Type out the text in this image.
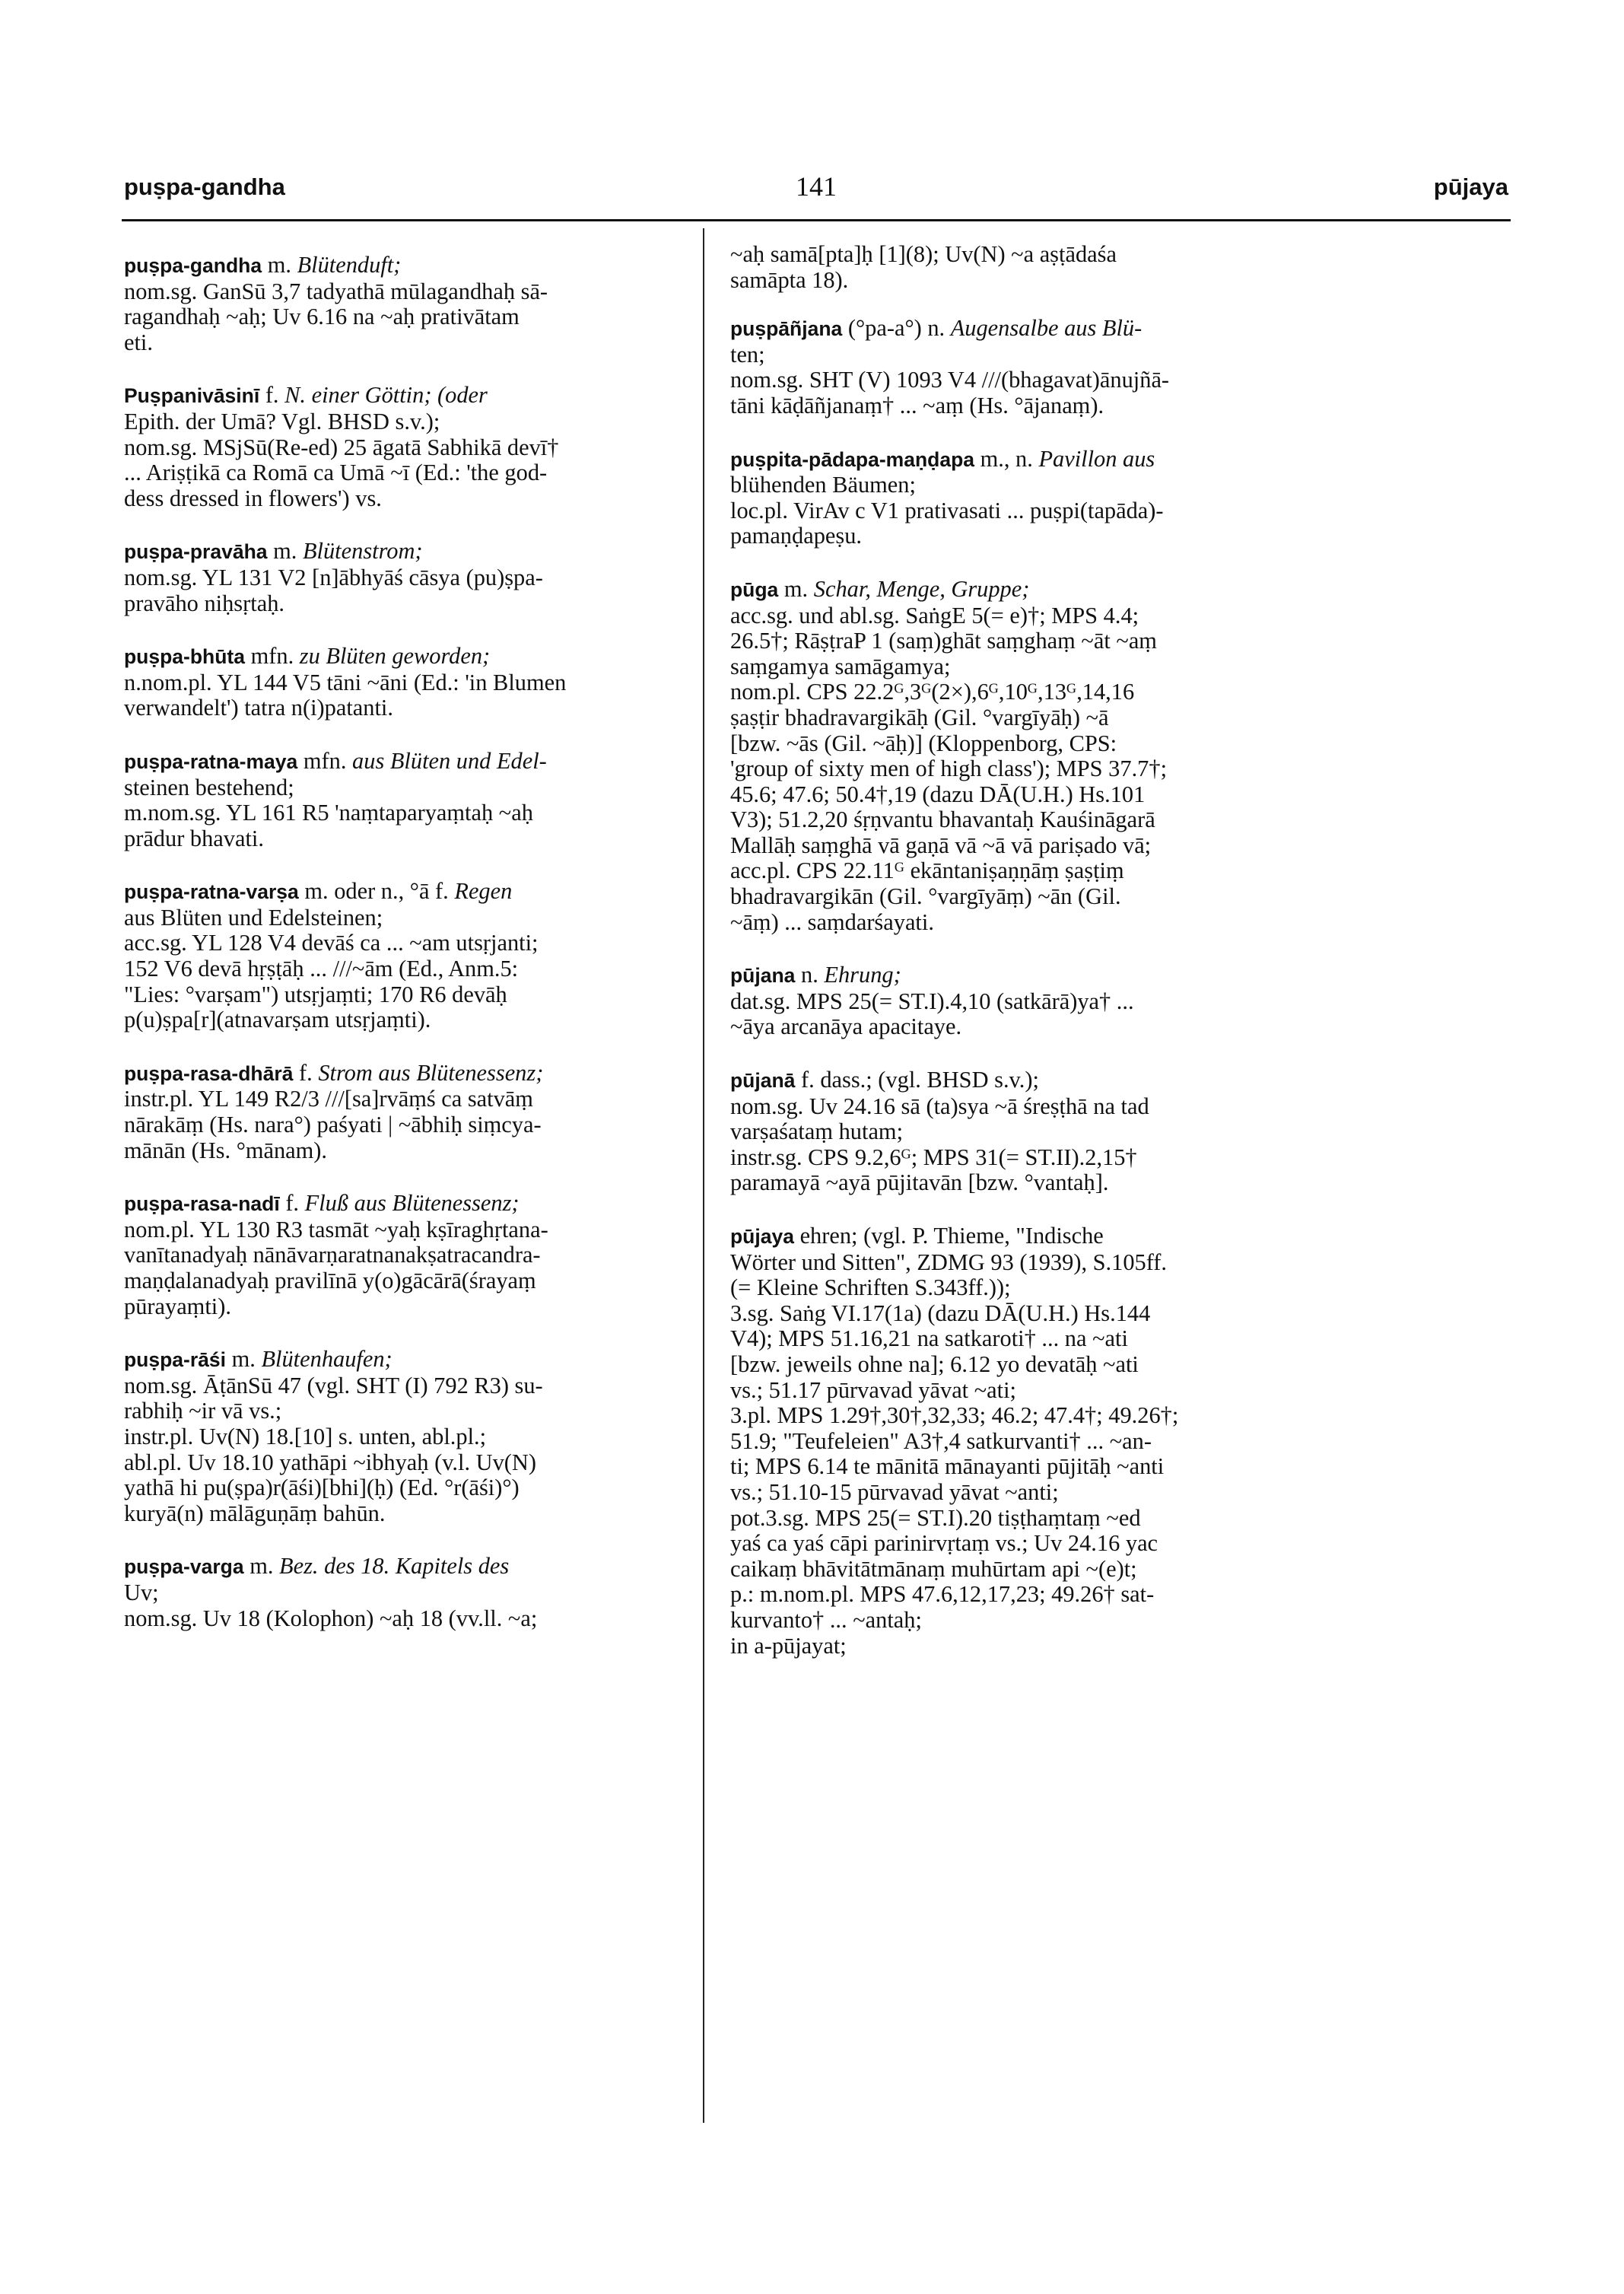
141
puṣpa-gandha	pūjaya
puṣpa-gandha m. Blütenduft;
nom.sg. GanSū 3,7 tadyathā mūlagandhaḥ sā-
ragandhaḥ ~aḥ; Uv 6.16 na ~aḥ prativātam
eti.
Puṣpanivāsinī f. N. einer Göttin; (oder
Epith. der Umā? Vgl. BHSD s.v.);
nom.sg. MSjSū(Re-ed) 25 āgatā Sabhikā devī†
... Ariṣṭikā ca Romā ca Umā ~ī (Ed.: 'the god-
dess dressed in flowers') vs.
puṣpa-pravāha m. Blütenstrom;
nom.sg. YL 131 V2 [n]ābhyāś cāsya (pu)ṣpa-
pravāho niḥsṛtaḥ.
puṣpa-bhūta mfn. zu Blüten geworden;
n.nom.pl. YL 144 V5 tāni ~āni (Ed.: 'in Blumen
verwandelt') tatra n(i)patanti.
puṣpa-ratna-maya mfn. aus Blüten und Edel-
steinen bestehend;
m.nom.sg. YL 161 R5 'naṃtaparyaṃtaḥ ~aḥ
prādur bhavati.
puṣpa-ratna-varṣa m. oder n., °ā f. Regen
aus Blüten und Edelsteinen;
acc.sg. YL 128 V4 devāś ca ... ~am utsṛjanti;
152 V6 devā hṛṣṭāḥ ... ///~ām (Ed., Anm.5:
"Lies: °varṣam") utsṛjaṃti; 170 R6 devāḥ
p(u)ṣpa[r](atnavarṣam utsṛjaṃti).
puṣpa-rasa-dhārā f. Strom aus Blütenessenz;
instr.pl. YL 149 R2/3 ///[sa]rvāṃś ca satvāṃ
nārakāṃ (Hs. nara°) paśyati | ~ābhiḥ siṃcya-
mānān (Hs. °mānam).
puṣpa-rasa-nadī f. Fluß aus Blütenessenz;
nom.pl. YL 130 R3 tasmāt ~yaḥ kṣīraghṛtana-
vanītanadyaḥ nānāvarṇaratnanakṣatracandra-
maṇḍalanadyaḥ pravilīnā y(o)gācārā(śrayaṃ
pūrayaṃti).
puṣpa-rāśi m. Blütenhaufen;
nom.sg. ĀṭānSū 47 (vgl. SHT (I) 792 R3) su-
rabhiḥ ~ir vā vs.;
instr.pl. Uv(N) 18.[10] s. unten, abl.pl.;
abl.pl. Uv 18.10 yathāpi ~ibhyaḥ (v.l. Uv(N)
yathā hi pu(ṣpa)r(āśi)[bhi](ḥ) (Ed. °r(āśi)°)
kuryā(n) mālāguṇāṃ bahūn.
puṣpa-varga m. Bez. des 18. Kapitels des
Uv;
nom.sg. Uv 18 (Kolophon) ~aḥ 18 (vv.ll. ~a;
~aḥ samā[pta]ḥ [1](8); Uv(N) ~a aṣṭādaśa
samāpta 18).
puṣpāñjana (°pa-a°) n. Augensalbe aus Blü-
ten;
nom.sg. SHT (V) 1093 V4 ///(bhagavat)ānujñā-
tāni kāḍāñjanaṃ† ... ~aṃ (Hs. °ājanaṃ).
puṣpita-pādapa-maṇḍapa m., n. Pavillon aus
blühenden Bäumen;
loc.pl. VirAv c V1 prativasati ... puṣpi(tapāda)-
pamaṇḍapeṣu.
pūga m. Schar, Menge, Gruppe;
acc.sg. und abl.sg. SaṅgE 5(= e)†; MPS 4.4;
26.5†; RāṣṭraP 1 (saṃ)ghāt saṃghaṃ ~āt ~aṃ
saṃgamya samāgamya;
nom.pl. CPS 22.2ᴳ,3ᴳ(2×),6ᴳ,10ᴳ,13ᴳ,14,16
ṣaṣṭir bhadravargikāḥ (Gil. °vargīyāḥ) ~ā
[bzw. ~ās (Gil. ~āḥ)] (Kloppenborg, CPS:
'group of sixty men of high class'); MPS 37.7†;
45.6; 47.6; 50.4†,19 (dazu DĀ(U.H.) Hs.101
V3); 51.2,20 śṛṇvantu bhavantaḥ Kauśināgarā
Mallāḥ saṃghā vā gaṇā vā ~ā vā pariṣado vā;
acc.pl. CPS 22.11ᴳ ekāntaniṣaṇṇāṃ ṣaṣṭiṃ
bhadravargikān (Gil. °vargīyāṃ) ~ān (Gil.
~āṃ) ... saṃdarśayati.
pūjana n. Ehrung;
dat.sg. MPS 25(= ST.I).4,10 (satkārā)ya† ...
~āya arcanāya apacitaye.
pūjanā f. dass.; (vgl. BHSD s.v.);
nom.sg. Uv 24.16 sā (ta)sya ~ā śreṣṭhā na tad
varṣaśataṃ hutam;
instr.sg. CPS 9.2,6ᴳ; MPS 31(= ST.II).2,15†
paramayā ~ayā pūjitavān [bzw. °vantaḥ].
pūjaya ehren; (vgl. P. Thieme, "Indische
Wörter und Sitten", ZDMG 93 (1939), S.105ff.
(= Kleine Schriften S.343ff.));
3.sg. Saṅg VI.17(1a) (dazu DĀ(U.H.) Hs.144
V4); MPS 51.16,21 na satkaroti† ... na ~ati
[bzw. jeweils ohne na]; 6.12 yo devatāḥ ~ati
vs.; 51.17 pūrvavad yāvat ~ati;
3.pl. MPS 1.29†,30†,32,33; 46.2; 47.4†; 49.26†;
51.9; "Teufeleien" A3†,4 satkurvanti† ... ~an-
ti; MPS 6.14 te mānitā mānayanti pūjitāḥ ~anti
vs.; 51.10-15 pūrvavad yāvat ~anti;
pot.3.sg. MPS 25(= ST.I).20 tiṣṭhaṃtaṃ ~ed
yaś ca yaś cāpi parinirvṛtaṃ vs.; Uv 24.16 yac
caikaṃ bhāvitātmānaṃ muhūrtam api ~(e)t;
p.: m.nom.pl. MPS 47.6,12,17,23; 49.26† sat-
kurvanto† ... ~antaḥ;
in a-pūjayat;
